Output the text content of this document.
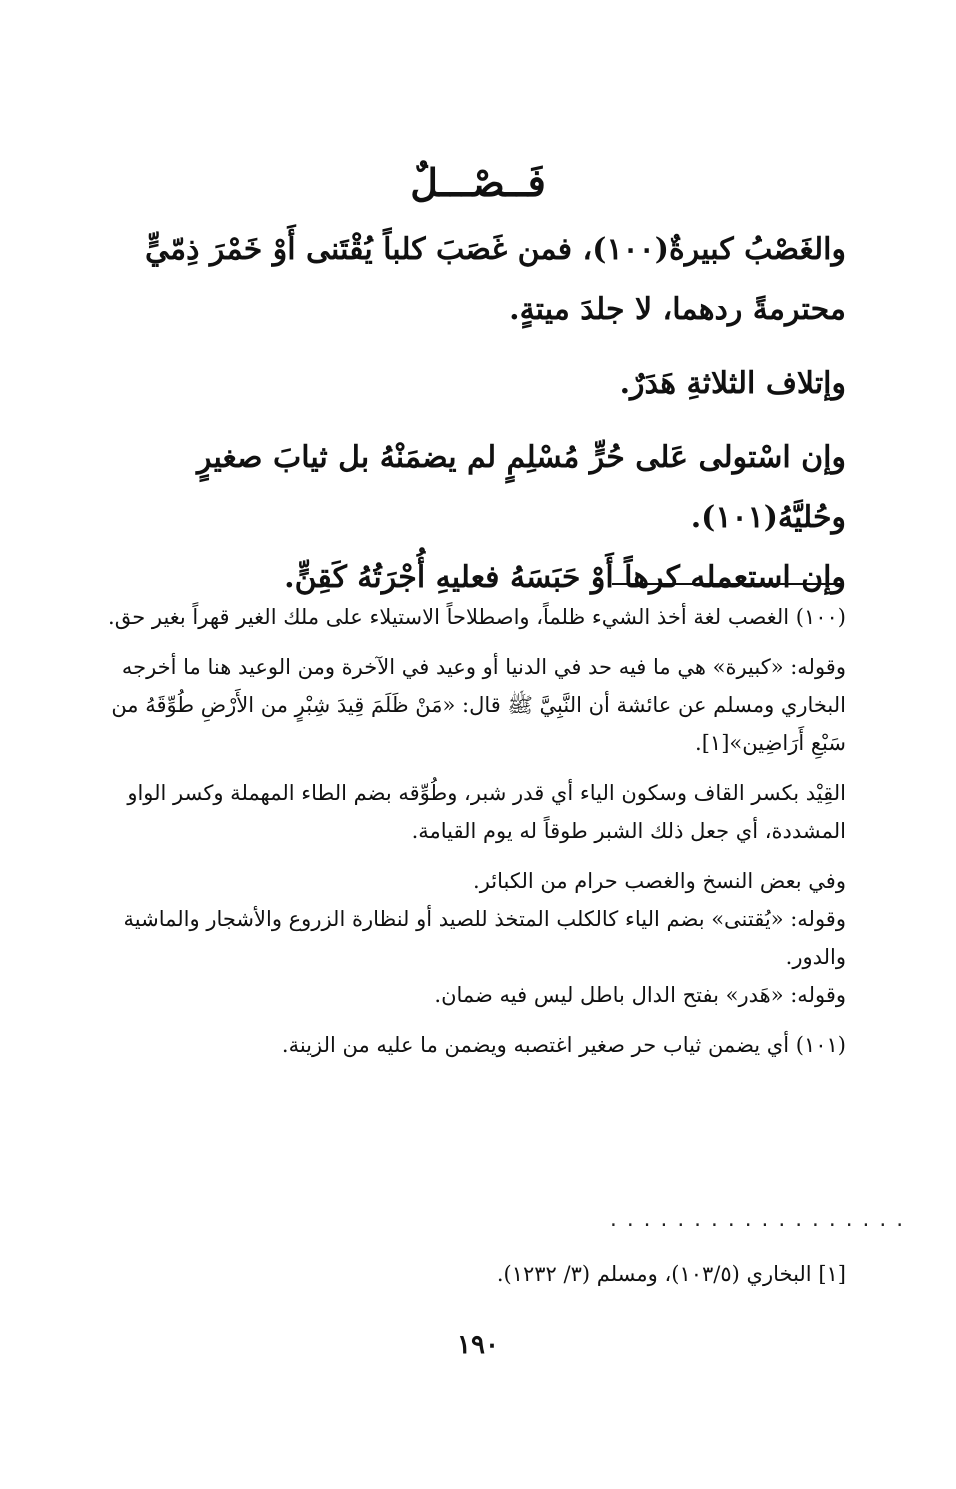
فَــصْـــلٌ

والغَصْبُ كبيرةٌ(١٠٠)، فمن غَصَبَ كلباً يُقْتَنى أَوْ خَمْرَ ذِمّيٍّ محترمةً ردهما، لا جلدَ ميتةٍ.

وإتلاف الثلاثةِ هَدَرٌ.

وإن اسْتولى عَلى حُرٍّ مُسْلِمٍ لم يضمَنْهُ بل ثيابَ صغيرٍ وحُليَّهُ(١٠١).

وإن استعمله كرهاً أَوْ حَبَسَهُ فعليهِ أُجْرَتُهُ كَقِنٍّ.

(١٠٠) الغصب لغة أخذ الشيء ظلماً، واصطلاحاً الاستيلاء على ملك الغير قهراً بغير حق.

وقوله: «كبيرة» هي ما فيه حد في الدنيا أو وعيد في الآخرة ومن الوعيد هنا ما أخرجه البخاري ومسلم عن عائشة أن النَّبِيَّ ﷺ قال: «مَنْ ظَلَمَ قِيدَ شِبْرٍ من الأَرْضِ طُوِّقَهُ من سَبْعِ أَرَاضِين»[١].

القِيْد بكسر القاف وسكون الياء أي قدر شبر، وطُوِّقه بضم الطاء المهملة وكسر الواو المشددة، أي جعل ذلك الشبر طوقاً له يوم القيامة.

وفي بعض النسخ والغصب حرام من الكبائر.

وقوله: «يُقتنى» بضم الياء كالكلب المتخذ للصيد أو لنظارة الزروع والأشجار والماشية والدور.

وقوله: «هَدر» بفتح الدال باطل ليس فيه ضمان.

(١٠١) أي يضمن ثياب حر صغير اغتصبه ويضمن ما عليه من الزينة.

..................
[١] البخاري (١٠٣/٥)، ومسلم (٣/ ١٢٣٢).
١٩٠
